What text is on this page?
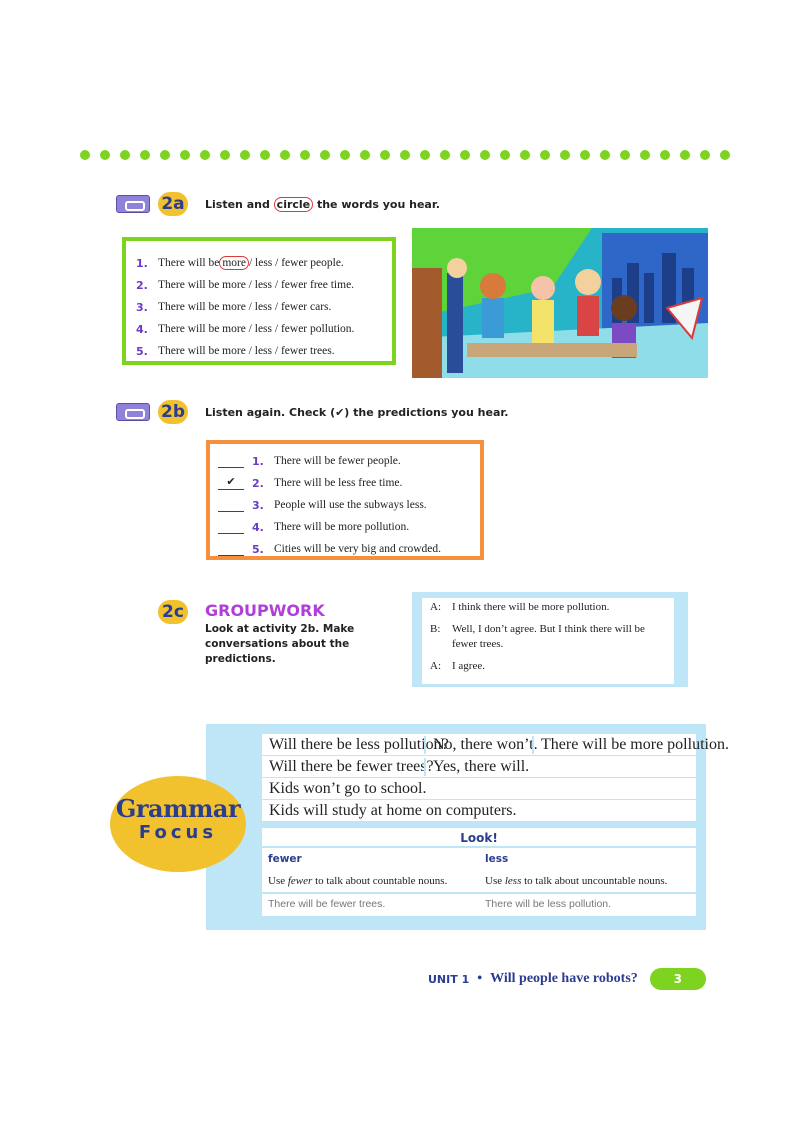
2a	Listen and circle the words you hear.
1. There will be more / less / fewer people.
2. There will be more / less / fewer free time.
3. There will be more / less / fewer cars.
4. There will be more / less / fewer pollution.
5. There will be more / less / fewer trees.
2b Listen again. Check (✔) the predictions you hear.
1. There will be fewer people.
✔	2. There will be less free time.
3. People will use the subways less.
4. There will be more pollution.
5. Cities will be very big and crowded.
2c GROUPWORK
Look at activity 2b. Make conversations about the predictions.
A:	I think there will be more pollution.
B:	Well, I don’t agree. But I think there will be fewer trees.
A:	I agree.
Will there be less pollution?
No, there won’t. There will be more pollution.
Will there be fewer trees? Yes, there will.
Kids won’t go to school.
Kids will study at home on computers.
Look!
fewer	less
Use fewer to talk about countable nouns.	Use less to talk about uncountable nouns.
There will be fewer trees.	There will be less pollution.
Grammar
Focus
UNIT 1 • Will people have robots?	3
